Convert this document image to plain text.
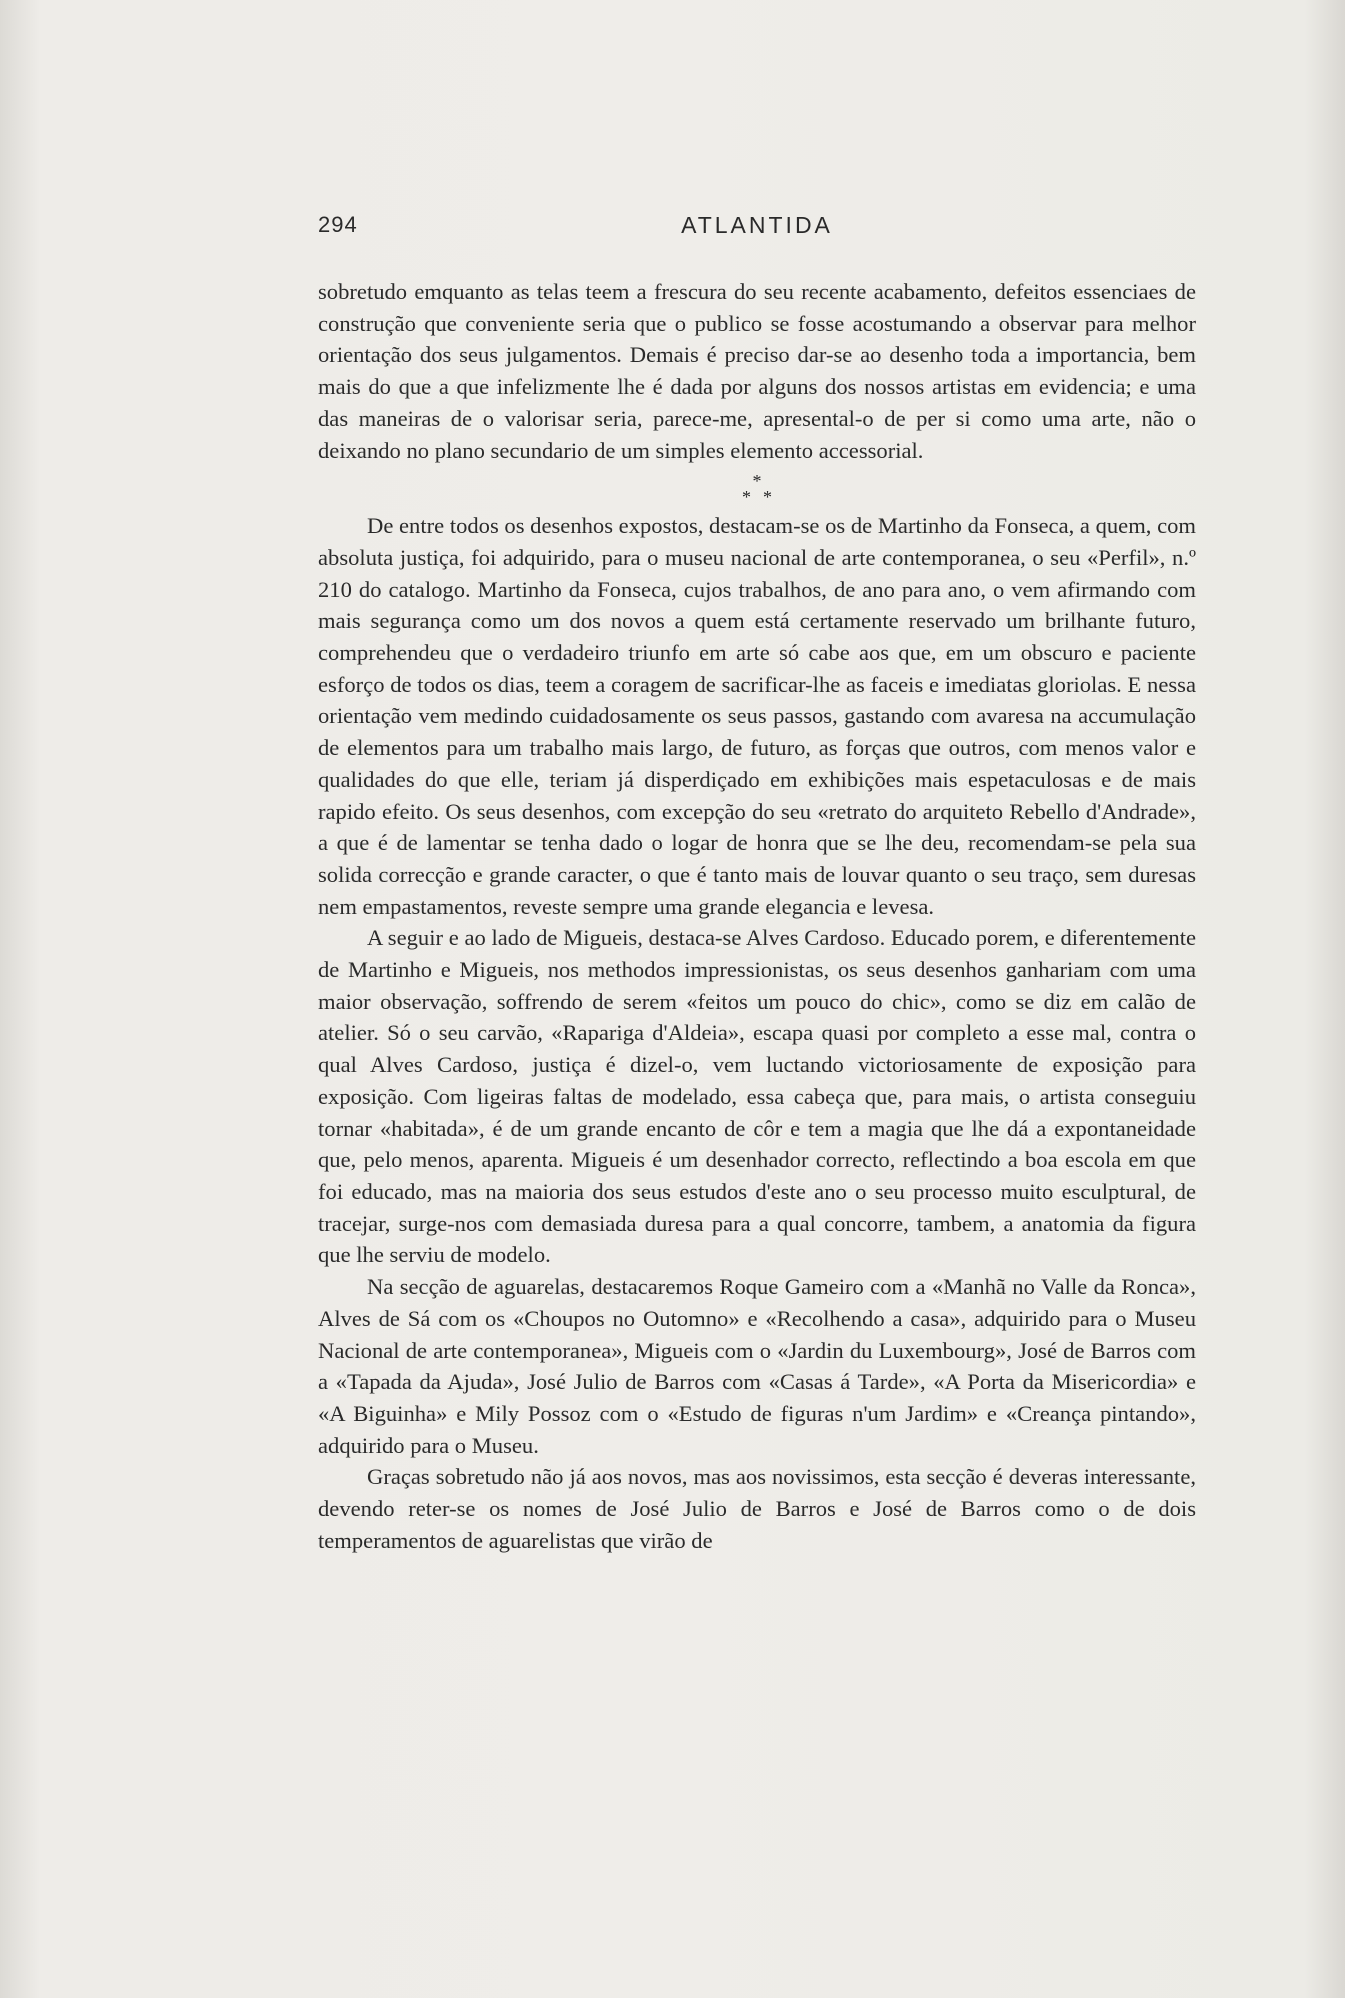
294	ATLANTIDA

sobretudo emquanto as telas teem a frescura do seu recente acabamento, defeitos essenciaes de construção que conveniente seria que o publico se fosse acostumando a observar para melhor orientação dos seus julgamentos. Demais é preciso dar-se ao desenho toda a importancia, bem mais do que a que infelizmente lhe é dada por alguns dos nossos artistas em evidencia; e uma das maneiras de o valorisar seria, parece-me, apresental-o de per si como uma arte, não o deixando no plano secundario de um simples elemento accessorial.

*
**

De entre todos os desenhos expostos, destacam-se os de Martinho da Fonseca, a quem, com absoluta justiça, foi adquirido, para o museu nacional de arte contemporanea, o seu «Perfil», n.º 210 do catalogo. Martinho da Fonseca, cujos trabalhos, de ano para ano, o vem afirmando com mais segurança como um dos novos a quem está certamente reservado um brilhante futuro, comprehendeu que o verdadeiro triunfo em arte só cabe aos que, em um obscuro e paciente esforço de todos os dias, teem a coragem de sacrificar-lhe as faceis e imediatas gloriolas. E nessa orientação vem medindo cuidadosamente os seus passos, gastando com avaresa na accumulação de elementos para um trabalho mais largo, de futuro, as forças que outros, com menos valor e qualidades do que elle, teriam já disperdiçado em exhibições mais espetaculosas e de mais rapido efeito. Os seus desenhos, com excepção do seu «retrato do arquiteto Rebello d'Andrade», a que é de lamentar se tenha dado o logar de honra que se lhe deu, recomendam-se pela sua solida correcção e grande caracter, o que é tanto mais de louvar quanto o seu traço, sem duresas nem empastamentos, reveste sempre uma grande elegancia e levesa.

A seguir e ao lado de Migueis, destaca-se Alves Cardoso. Educado porem, e diferentemente de Martinho e Migueis, nos methodos impressionistas, os seus desenhos ganhariam com uma maior observação, soffrendo de serem «feitos um pouco do chic», como se diz em calão de atelier. Só o seu carvão, «Rapariga d'Aldeia», escapa quasi por completo a esse mal, contra o qual Alves Cardoso, justiça é dizel-o, vem luctando victoriosamente de exposição para exposição. Com ligeiras faltas de modelado, essa cabeça que, para mais, o artista conseguiu tornar «habitada», é de um grande encanto de côr e tem a magia que lhe dá a expontaneidade que, pelo menos, aparenta. Migueis é um desenhador correcto, reflectindo a boa escola em que foi educado, mas na maioria dos seus estudos d'este ano o seu processo muito esculptural, de tracejar, surge-nos com demasiada duresa para a qual concorre, tambem, a anatomia da figura que lhe serviu de modelo.

Na secção de aguarelas, destacaremos Roque Gameiro com a «Manhã no Valle da Ronca», Alves de Sá com os «Choupos no Outomno» e «Recolhendo a casa», adquirido para o Museu Nacional de arte contemporanea», Migueis com o «Jardin du Luxembourg», José de Barros com a «Tapada da Ajuda», José Julio de Barros com «Casas á Tarde», «A Porta da Misericordia» e «A Biguinha» e Mily Possoz com o «Estudo de figuras n'um Jardim» e «Creança pintando», adquirido para o Museu.

Graças sobretudo não já aos novos, mas aos novissimos, esta secção é deveras interessante, devendo reter-se os nomes de José Julio de Barros e José de Barros como o de dois temperamentos de aguarelistas que virão de
